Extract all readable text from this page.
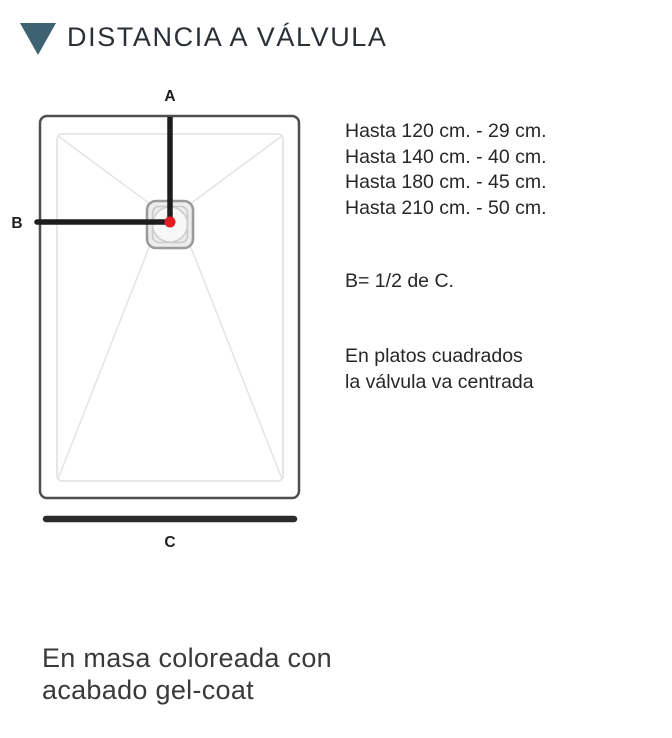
DISTANCIA A VÁLVULA
A
B
C
Hasta 120 cm. - 29 cm.
Hasta 140 cm. - 40 cm.
Hasta 180 cm. - 45 cm.
Hasta 210 cm. - 50 cm.
B= 1/2 de C.
En platos cuadrados
la válvula va centrada
En masa coloreada con
acabado gel-coat
